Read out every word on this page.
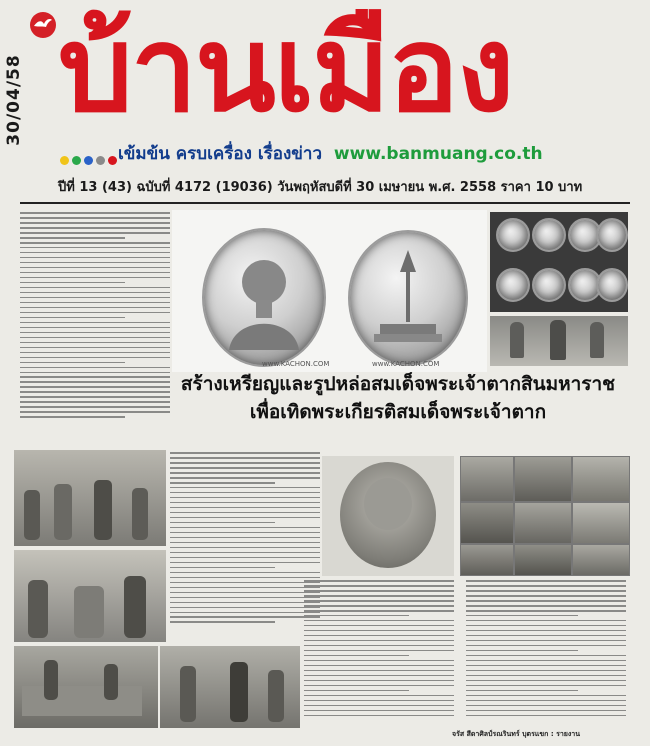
30/04/58 บ้านเมือง
เข้มข้น ครบเครื่อง เรื่องข่าว www.banmuang.co.th
ปีที่ 13 (43) ฉบับที่ 4172 (19036) วันพฤหัสบดีที่ 30 เมษายน พ.ศ. 2558 ราคา 10 บาท
www.KACHON.COM	www.KACHON.COM
สร้างเหรียญและรูปหล่อสมเด็จพระเจ้าตากสินมหาราช
เพื่อเทิดพระเกียรติสมเด็จพระเจ้าตาก
จรัส สีดาศิลป์รณรินทร์ บุตรแขก : รายงาน
